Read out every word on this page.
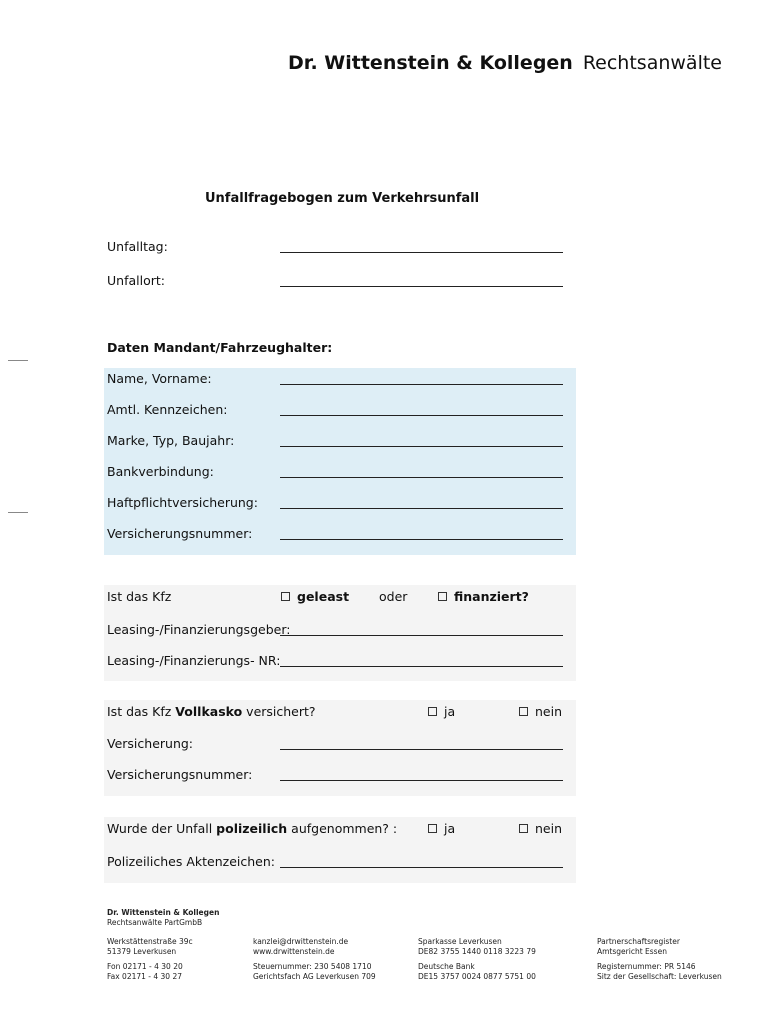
Dr. Wittenstein & Kollegen Rechtsanwälte
Unfallfragebogen zum Verkehrsunfall
Unfalltag:
Unfallort:
Daten Mandant/Fahrzeughalter:
Name, Vorname:
Amtl. Kennzeichen:
Marke, Typ, Baujahr:
Bankverbindung:
Haftpflichtversicherung:
Versicherungsnummer:
Ist das Kfz	geleast oder	finanziert?
Leasing-/Finanzierungsgeber:
Leasing-/Finanzierungs- NR:
Ist das Kfz Vollkasko versichert?	ja	nein
Versicherung:
Versicherungsnummer:
Wurde der Unfall polizeilich aufgenommen? :	ja	nein
Polizeiliches Aktenzeichen:
Dr. Wittenstein & Kollegen
Rechtsanwälte PartGmbB
Werkstättenstraße 39c
51379 Leverkusen
Fon 02171 - 4 30 20
Fax 02171 - 4 30 27
kanzlei@drwittenstein.de
www.drwittenstein.de
Steuernummer: 230 5408 1710
Gerichtsfach AG Leverkusen 709
Sparkasse Leverkusen
DE82 3755 1440 0118 3223 79
Deutsche Bank
DE15 3757 0024 0877 5751 00
Partnerschaftsregister
Amtsgericht Essen
Registernummer: PR 5146
Sitz der Gesellschaft: Leverkusen
